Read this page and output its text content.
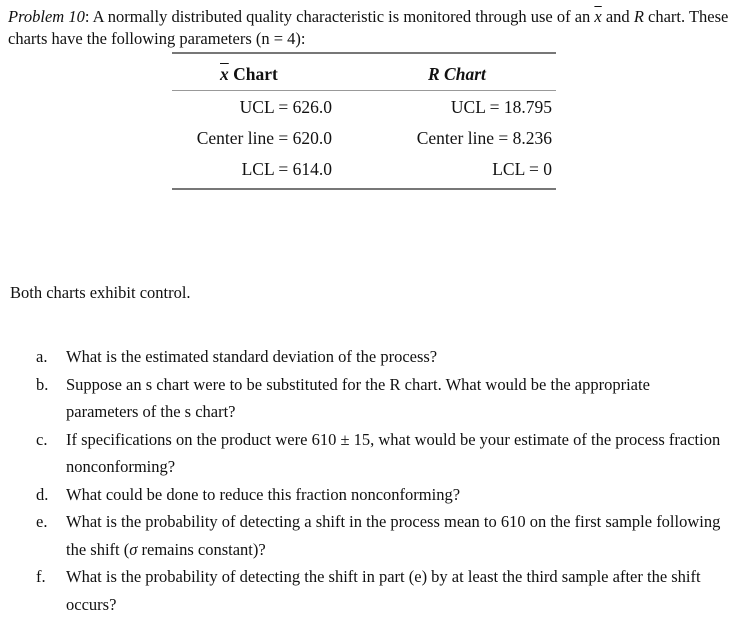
Problem 10: A normally distributed quality characteristic is monitored through use of an $\overline{x}$ and R chart. These charts have the following parameters (n = 4):
$\overline{x}$ Chart	R Chart
UCL = 626.0	UCL = 18.795
Center line = 620.0	Center line = 8.236
LCL = 614.0	LCL = 0
Both charts exhibit control.
a. What is the estimated standard deviation of the process?
b. Suppose an s chart were to be substituted for the R chart. What would be the appropriate parameters of the s chart?
c. If specifications on the product were 610 ± 15, what would be your estimate of the process fraction nonconforming?
d. What could be done to reduce this fraction nonconforming?
e. What is the probability of detecting a shift in the process mean to 610 on the first sample following the shift (σ remains constant)?
f. What is the probability of detecting the shift in part (e) by at least the third sample after the shift occurs?
